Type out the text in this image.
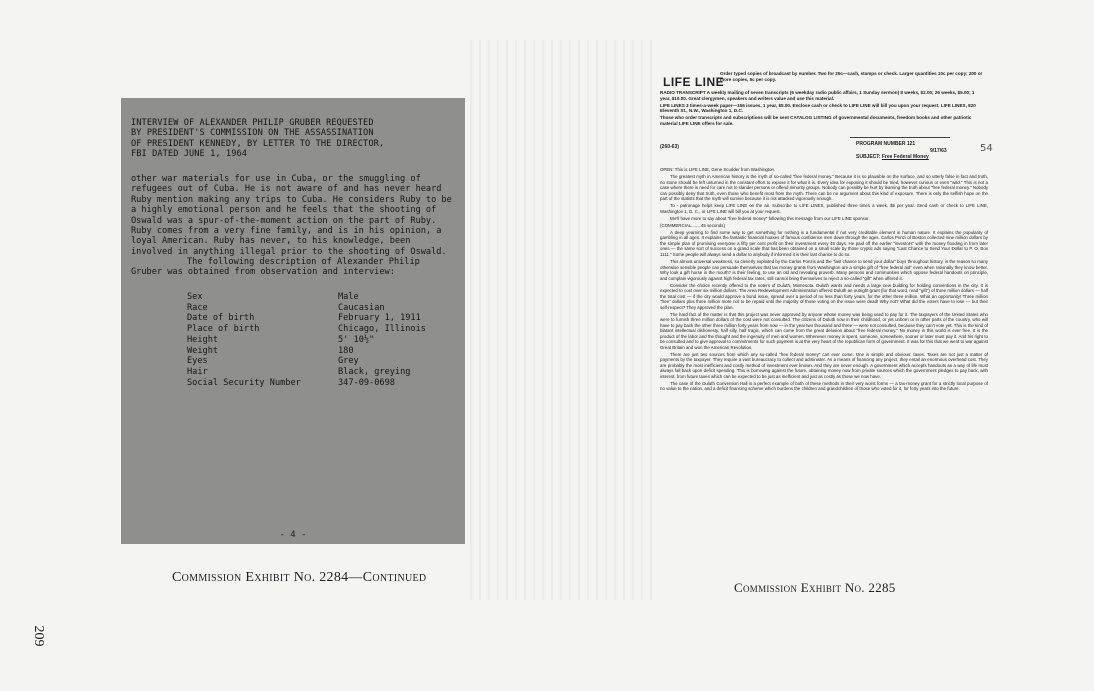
INTERVIEW OF ALEXANDER PHILIP GRUBER REQUESTED
BY PRESIDENT'S COMMISSION ON THE ASSASSINATION
OF PRESIDENT KENNEDY, BY LETTER TO THE DIRECTOR,
FBI DATED JUNE 1, 1964
other war materials for use in Cuba, or the smuggling of refugees out of Cuba. He is not aware of and has never heard Ruby mention making any trips to Cuba. He considers Ruby to be a highly emotional person and he feels that the shooting of Oswald was a spur-of-the-moment action on the part of Ruby. Ruby comes from a very fine family, and is in his opinion, a loyal American. Ruby has never, to his knowledge, been involved in anything illegal prior to the shooting of Oswald.
The following description of Alexander Philip Gruber was obtained from observation and interview:
Sex	Male
Race	Caucasian
Date of birth	February 1, 1911
Place of birth	Chicago, Illinois
Height	5' 10½"
Weight	180
Eyes	Grey
Hair	Black, greying
Social Security Number	347-09-0698
- 4 -
Commission Exhibit No. 2284—Continued
209
LIFE LINE
Order typed copies of broadcast by number. Two for 25c—cash, stamps or check. Larger quantities 10c per copy; 200 or more copies, 5c per copy.

RADIO TRANSCRIPT A weekly mailing of seven transcripts (6 weekday radio public affairs, 1 Sunday sermon) 8 weeks, $2.00; 26 weeks, $5.00; 1 year, $10.00. Great clergymen, speakers and writers value and use this material.

LIFE LINES 3 times-a-week paper—156 issues, 1 year, $5.00. Enclose cash or check to LIFE LINE will bill you upon your request. LIFE LINES, 820 Eleventh St., N.W., Washington 1, D.C.

Those who order transcripts and subscriptions will be sent CATALOG LISTING of governmental documents, freedom books and other patriotic material LIFE LINE offers for sale.

(260-63)	PROGRAM NUMBER 121
9/17/63
SUBJECT: Free Federal Money
54

OPEN: This is LIFE LINE, Gene Scudder from Washington.

The greatest myth in American history is the myth of so-called "free federal money." Because it is so plausible on the surface, and so utterly false in fact and truth, no stone should be left unturned in the constant effort to expose it for what it is. Every idea for exposing it should be tried, however curious or even "wild." This is not a case where there is need for care not to slander persons or offend minority groups. Nobody can possibly be hurt by learning the truth about "free federal money." Nobody can possibly deny that truth, even those who benefit most from the myth. There can be no argument about this kind of exposure. There is only the selfish hope on the part of the statists that the myth will survive because it is not attacked vigorously enough.

To - patronage helps keep LIFE LINE on the air. Subscribe to LIFE LINES, published three times a week, $5 per year. Send cash or check to LIFE LINE, Washington 1, D. C., or LIFE LINE will bill you at your request.

We'll have more to say about "free federal money" following this message from our LIFE LINE sponsor.

(COMMERCIAL........45 seconds)

A deep yearning to find some way to get something for nothing is a fundamental if not very creditable element in human nature. It explains the popularity of gambling in all ages. It explains the fantastic financial hoaxes of famous confidence men down through the ages. Carlos Ponzi of Boston collected nine million dollars by the simple plan of promising everyone a fifty per cent profit on their investment every 45 days. He paid off the earlier "investors" with the money flooding in from later ones — the same sort of success on a grand scale that has been obtained on a small scale by those cryptic ads saying "Last Chance to Send Your Dollar to P. O. Box 1111." Some people will always send a dollar to anybody if informed it is their last chance to do so.

This almost universal weakness, so cleverly exploited by the Carlos Ponzis and the "last chance to send your dollar" boys throughout history, is the reason so many otherwise sensible people can persuade themselves that tax money grants from Washington are a simple gift of "free federal aid" even when rationally they know better. Why look a gift horse in the mouth? is their feeling, to use an old and revealing proverb. Many persons and communities which oppose federal handouts on principle, and complain vigorously against high federal tax rates, still cannot bring themselves to reject a so-called "gift" when offered it.

Consider the choice recently offered to the voters of Duluth, Minnesota. Duluth wants and needs a large new building for holding conventions in the city. It is expected to cost over six million dollars. The Area Redevelopment Administration offered Duluth an outright grant (for that word, read "gift") of three million dollars — half the total cost — if the city would approve a bond issue, spread over a period of no less than forty years, for the other three million. What an opportunity! Three million "free" dollars plus three million more not to be repaid until the majority of those voting on the issue were dead! Why not? What did the voters have to lose — but their self-respect? They approved the plan.

The hard fact of the matter is that this project was never approved by anyone whose money was being used to pay for it. The taxpayers of the United States who were to furnish three million dollars of the cost were not consulted. The citizens of Duluth now in their childhood, or yet unborn or in other parts of the country, who will have to pay back the other three million forty years from now — in the year two thousand and three — were not consulted, because they can't vote yet. This is the kind of blatant intellectual dishonesty, half silly, half tragic, which can come from the great delusion about "free federal money." No money in this world is ever free. It is the product of the labor and the thought and the ingenuity of men and women. Whenever money is spent, someone, somewhere, sooner or later must pay it. And his right to be consulted and to give approval to commitments for such payment is at the very heart of the republican form of government. It was for this that we went to war against Great Britain and won the American Revolution.

There are just two sources from which any so-called "free federal money" can ever come. One is simple and obvious: taxes. Taxes are not just a matter of payments by the taxpayer. They require a vast bureaucracy to collect and administer. As a means of financing any project, they entail an enormous overhead cost. They are probably the most inefficient and costly method of investment ever known. And they are never enough. A government which accepts handouts as a way of life must always fall back upon deficit spending. This is borrowing against the future, obtaining money now from private sources which the government pledges to pay back, with interest, from future taxes which can be expected to be just as inefficient and just as costly as those we now have.

The case of the Duluth Convention Hall is a perfect example of both of these methods in their very worst forms — a tax-money grant for a strictly local purpose of no value to the nation, and a deficit financing scheme which burdens the children and grandchildren of those who voted for it, for forty years into the future.

Commission Exhibit No. 2285
